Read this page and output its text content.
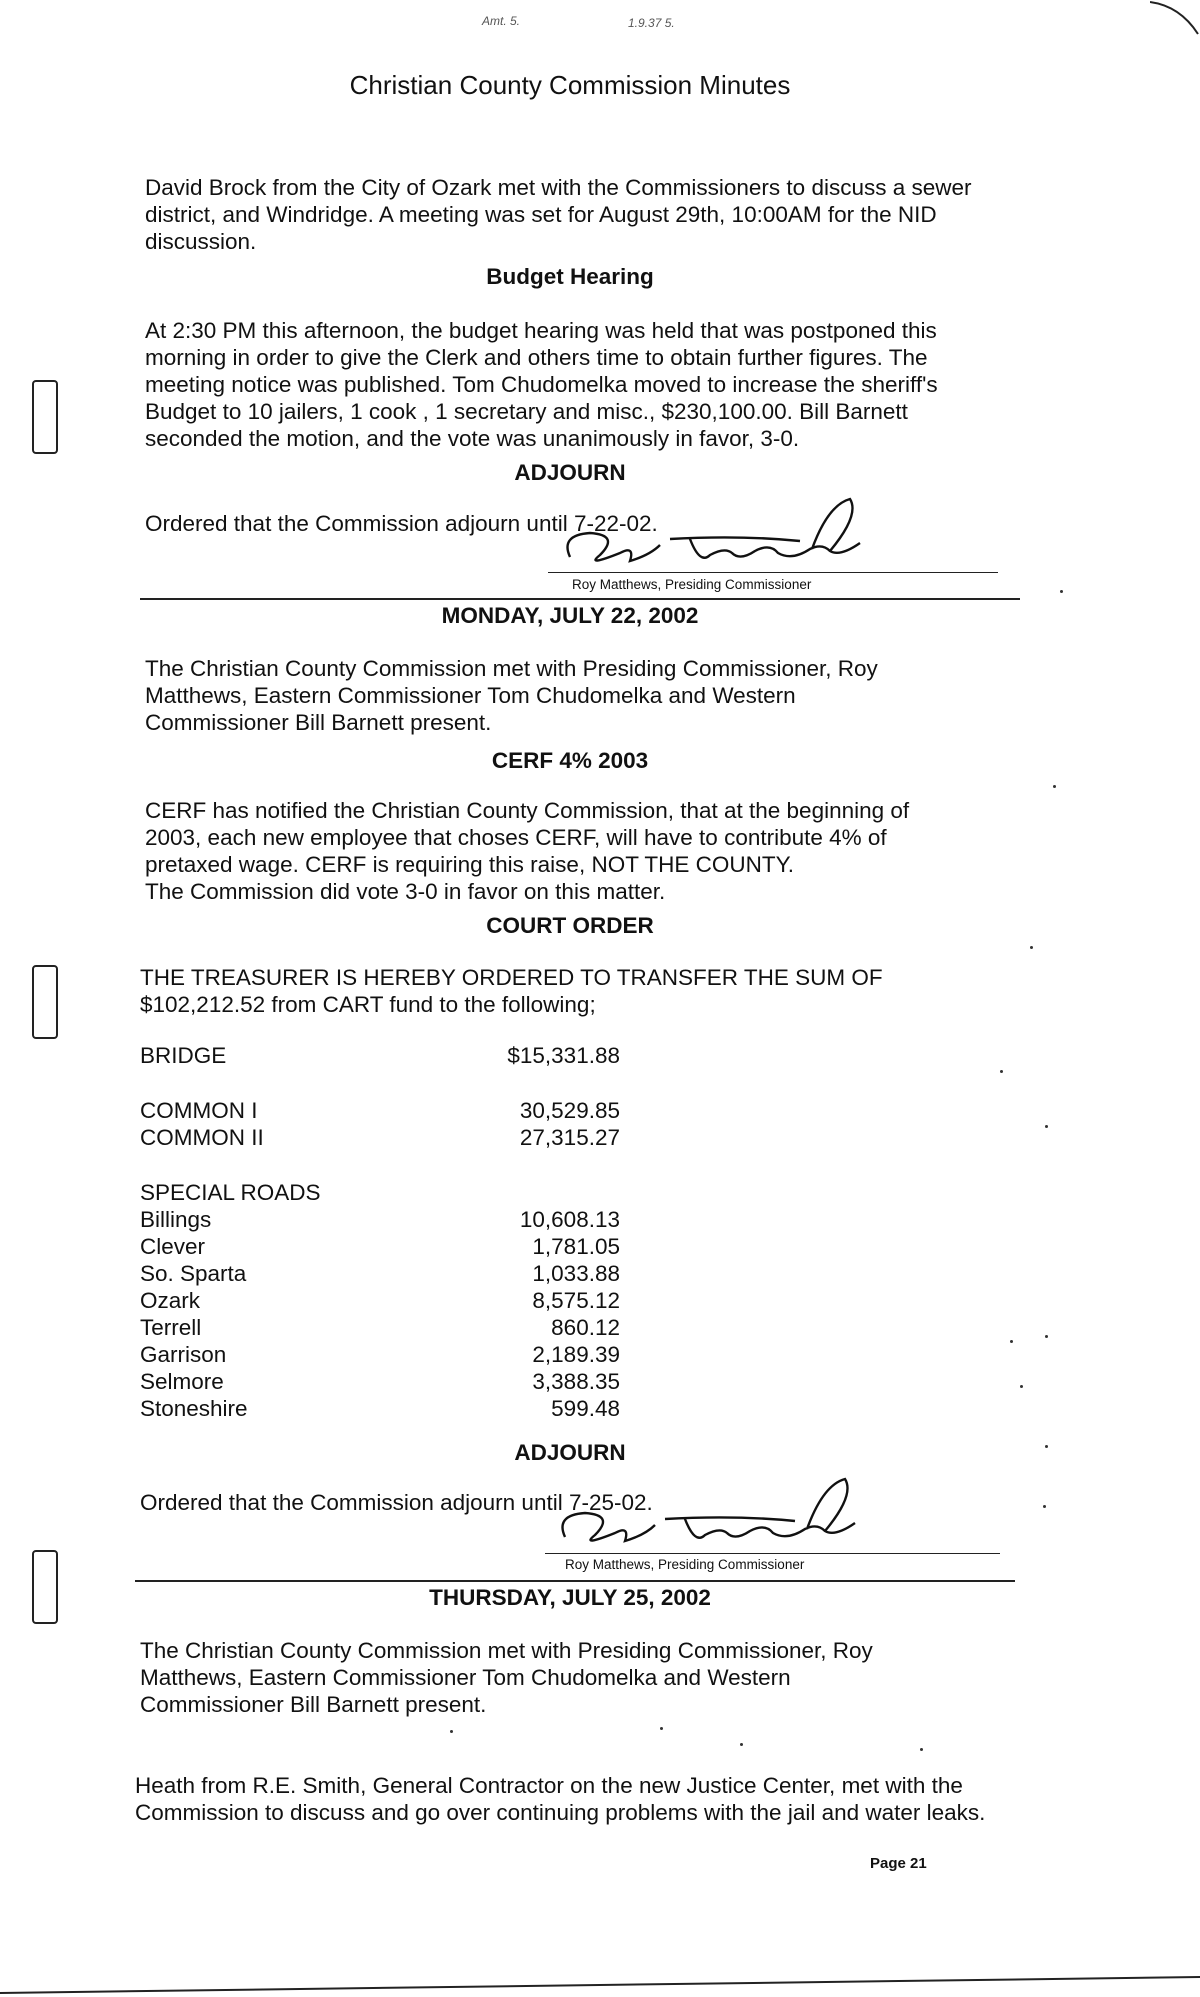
Amt. 5.	1.9.37 5.
Christian County Commission Minutes

David Brock from the City of Ozark met with the Commissioners to discuss a sewer district, and Windridge. A meeting was set for August 29th, 10:00AM for the NID discussion.

Budget Hearing

At 2:30 PM this afternoon, the budget hearing was held that was postponed this morning in order to give the Clerk and others time to obtain further figures. The meeting notice was published. Tom Chudomelka moved to increase the sheriff's Budget to 10 jailers, 1 cook , 1 secretary and misc., $230,100.00. Bill Barnett seconded the motion, and the vote was unanimously in favor, 3-0.

ADJOURN

Ordered that the Commission adjourn until 7-22-02.

Roy Matthews, Presiding Commissioner
MONDAY, JULY 22, 2002

The Christian County Commission met with Presiding Commissioner, Roy Matthews, Eastern Commissioner Tom Chudomelka and Western Commissioner Bill Barnett present.

CERF 4% 2003
CERF has notified the Christian County Commission, that at the beginning of
2003, each new employee that choses CERF, will have to contribute 4% of
pretaxed wage. CERF is requiring this raise, NOT THE COUNTY.
The Commission did vote 3-0 in favor on this matter.
COURT ORDER

THE TREASURER IS HEREBY ORDERED TO TRANSFER THE SUM OF $102,212.52 from CART fund to the following;

BRIDGE	$15,331.88
COMMON I	30,529.85
COMMON II	27,315.27
SPECIAL ROADS
Billings	10,608.13
Clever	1,781.05
So. Sparta	1,033.88
Ozark	8,575.12
Terrell	860.12
Garrison	2,189.39
Selmore	3,388.35
Stoneshire	599.48
ADJOURN

Ordered that the Commission adjourn until 7-25-02.

Roy Matthews, Presiding Commissioner
THURSDAY, JULY 25, 2002

The Christian County Commission met with Presiding Commissioner, Roy Matthews, Eastern Commissioner Tom Chudomelka and Western Commissioner Bill Barnett present.

Heath from R.E. Smith, General Contractor on the new Justice Center, met with the Commission to discuss and go over continuing problems with the jail and water leaks.

Page 21
